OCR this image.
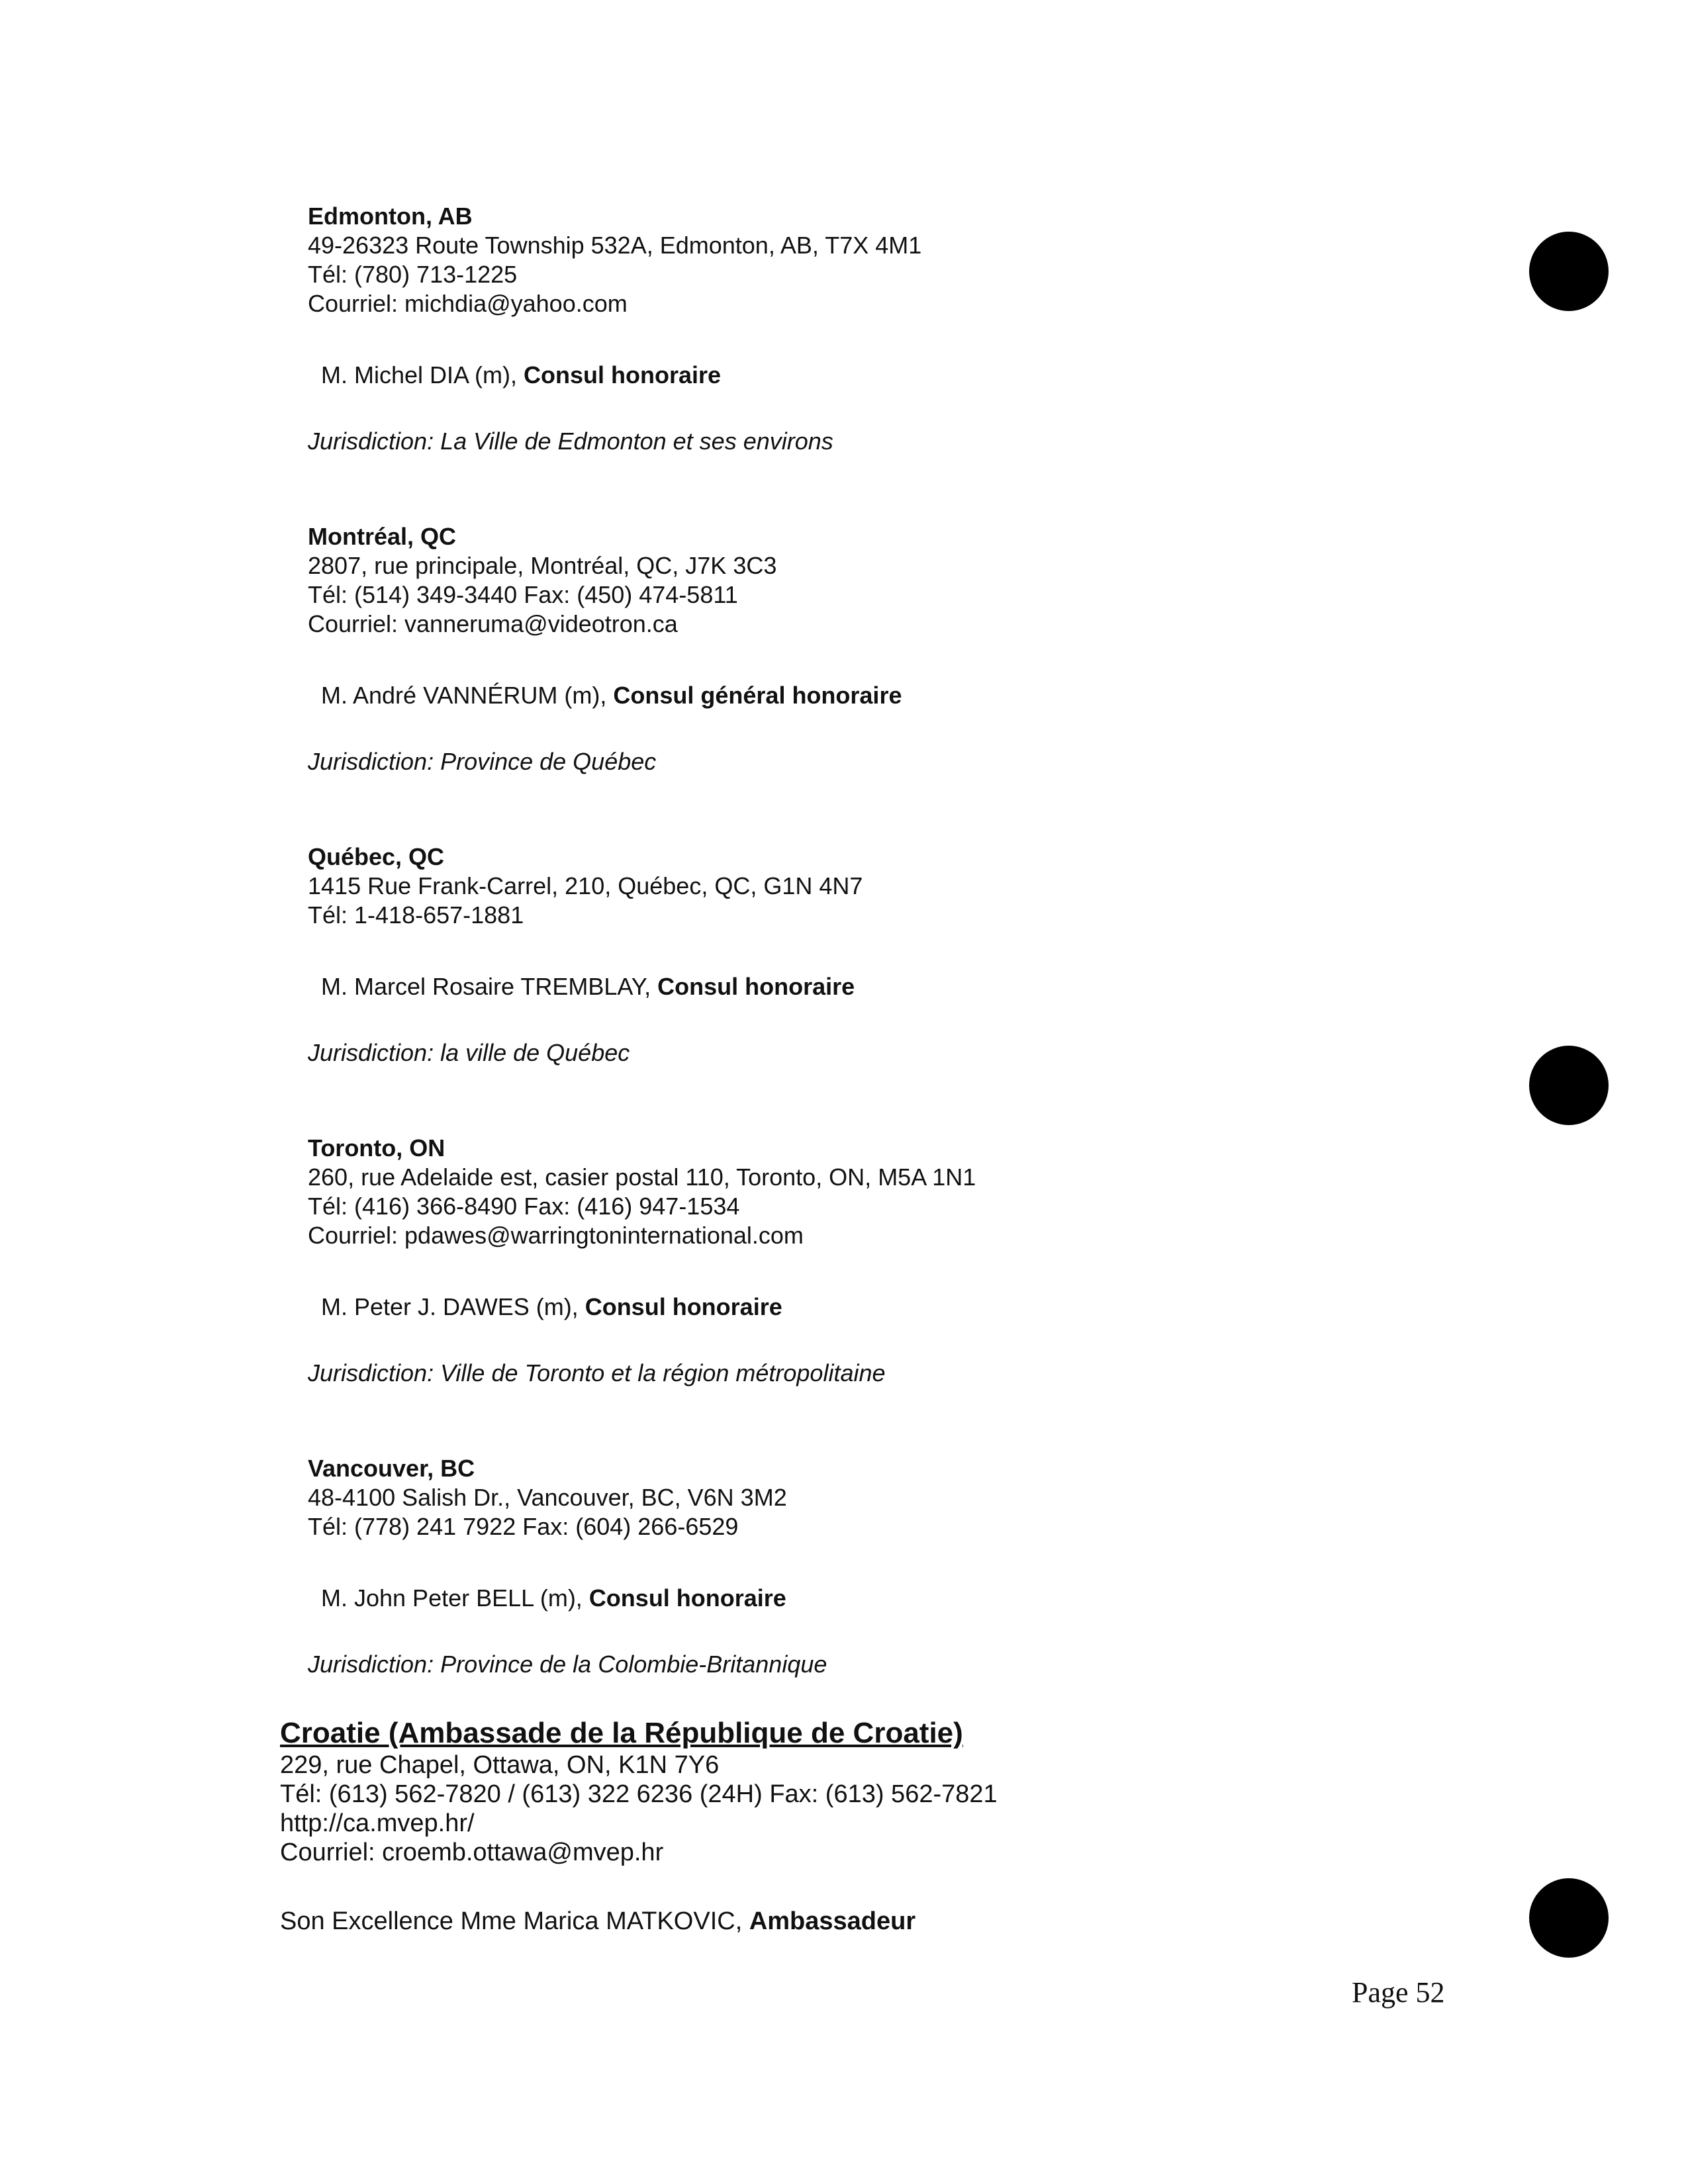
Edmonton, AB
49-26323 Route Township 532A, Edmonton, AB, T7X 4M1
Tél: (780) 713-1225
Courriel: michdia@yahoo.com
M. Michel DIA (m), Consul honoraire
Jurisdiction: La Ville de Edmonton et ses environs
Montréal, QC
2807, rue principale, Montréal, QC, J7K 3C3
Tél: (514) 349-3440 Fax: (450) 474-5811
Courriel: vanneruma@videotron.ca
M. André VANNÉRUM (m), Consul général honoraire
Jurisdiction: Province de Québec
Québec, QC
1415 Rue Frank-Carrel, 210, Québec, QC, G1N 4N7
Tél: 1-418-657-1881
M. Marcel Rosaire TREMBLAY, Consul honoraire
Jurisdiction: la ville de Québec
Toronto, ON
260, rue Adelaide est, casier postal 110, Toronto, ON, M5A 1N1
Tél: (416) 366-8490 Fax: (416) 947-1534
Courriel: pdawes@warringtoninternational.com
M. Peter J. DAWES (m), Consul honoraire
Jurisdiction: Ville de Toronto et la région métropolitaine
Vancouver, BC
48-4100 Salish Dr., Vancouver, BC, V6N 3M2
Tél: (778) 241 7922 Fax: (604) 266-6529
M. John Peter BELL (m), Consul honoraire
Jurisdiction: Province de la Colombie-Britannique
Croatie (Ambassade de la République de Croatie)
229, rue Chapel, Ottawa, ON, K1N 7Y6
Tél: (613) 562-7820 / (613) 322 6236 (24H) Fax: (613) 562-7821
http://ca.mvep.hr/
Courriel: croemb.ottawa@mvep.hr
Son Excellence Mme Marica MATKOVIC, Ambassadeur
Page 52
